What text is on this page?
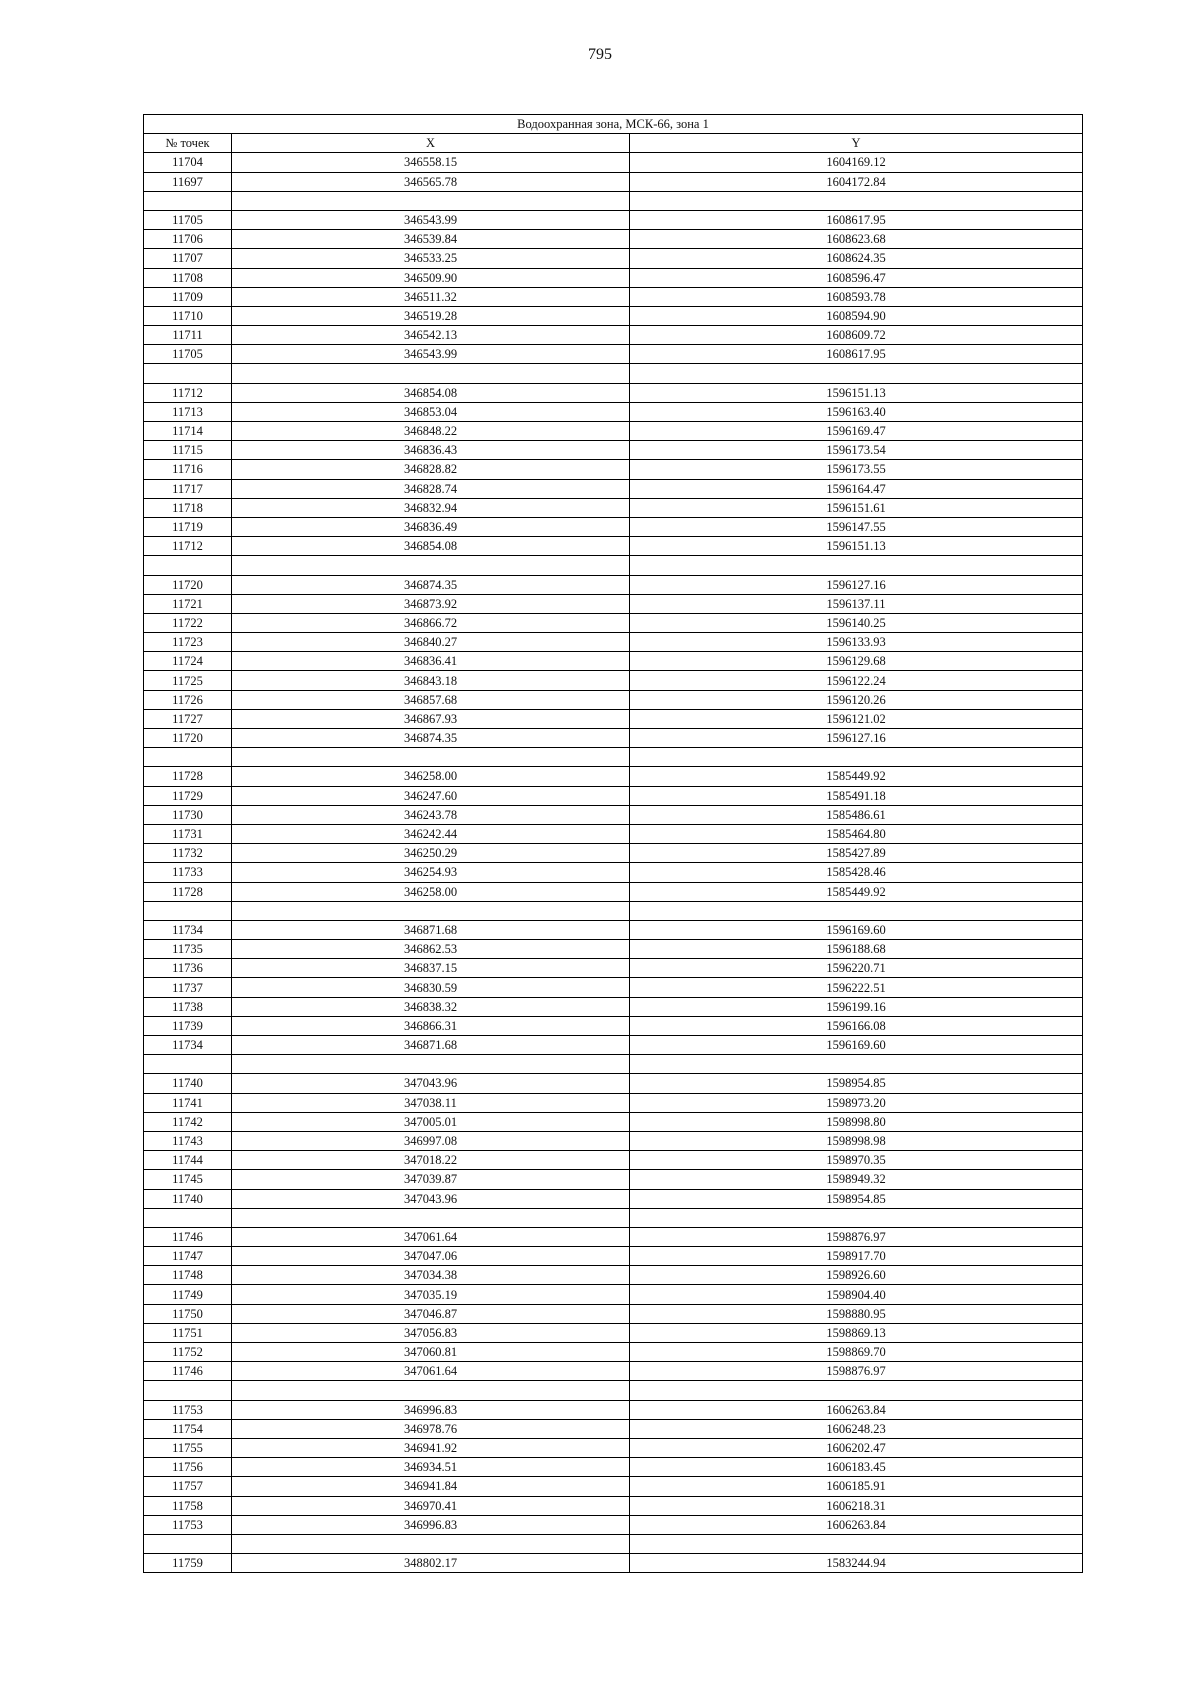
795
Водоохранная зона, МСК-66, зона 1		
№ точек	X	Y
11704	346558.15	1604169.12
11697	346565.78	1604172.84

11705	346543.99	1608617.95
11706	346539.84	1608623.68
11707	346533.25	1608624.35
11708	346509.90	1608596.47
11709	346511.32	1608593.78
11710	346519.28	1608594.90
11711	346542.13	1608609.72
11705	346543.99	1608617.95

11712	346854.08	1596151.13
11713	346853.04	1596163.40
11714	346848.22	1596169.47
11715	346836.43	1596173.54
11716	346828.82	1596173.55
11717	346828.74	1596164.47
11718	346832.94	1596151.61
11719	346836.49	1596147.55
11712	346854.08	1596151.13

11720	346874.35	1596127.16
11721	346873.92	1596137.11
11722	346866.72	1596140.25
11723	346840.27	1596133.93
11724	346836.41	1596129.68
11725	346843.18	1596122.24
11726	346857.68	1596120.26
11727	346867.93	1596121.02
11720	346874.35	1596127.16

11728	346258.00	1585449.92
11729	346247.60	1585491.18
11730	346243.78	1585486.61
11731	346242.44	1585464.80
11732	346250.29	1585427.89
11733	346254.93	1585428.46
11728	346258.00	1585449.92

11734	346871.68	1596169.60
11735	346862.53	1596188.68
11736	346837.15	1596220.71
11737	346830.59	1596222.51
11738	346838.32	1596199.16
11739	346866.31	1596166.08
11734	346871.68	1596169.60

11740	347043.96	1598954.85
11741	347038.11	1598973.20
11742	347005.01	1598998.80
11743	346997.08	1598998.98
11744	347018.22	1598970.35
11745	347039.87	1598949.32
11740	347043.96	1598954.85

11746	347061.64	1598876.97
11747	347047.06	1598917.70
11748	347034.38	1598926.60
11749	347035.19	1598904.40
11750	347046.87	1598880.95
11751	347056.83	1598869.13
11752	347060.81	1598869.70
11746	347061.64	1598876.97

11753	346996.83	1606263.84
11754	346978.76	1606248.23
11755	346941.92	1606202.47
11756	346934.51	1606183.45
11757	346941.84	1606185.91
11758	346970.41	1606218.31
11753	346996.83	1606263.84

11759	348802.17	1583244.94
